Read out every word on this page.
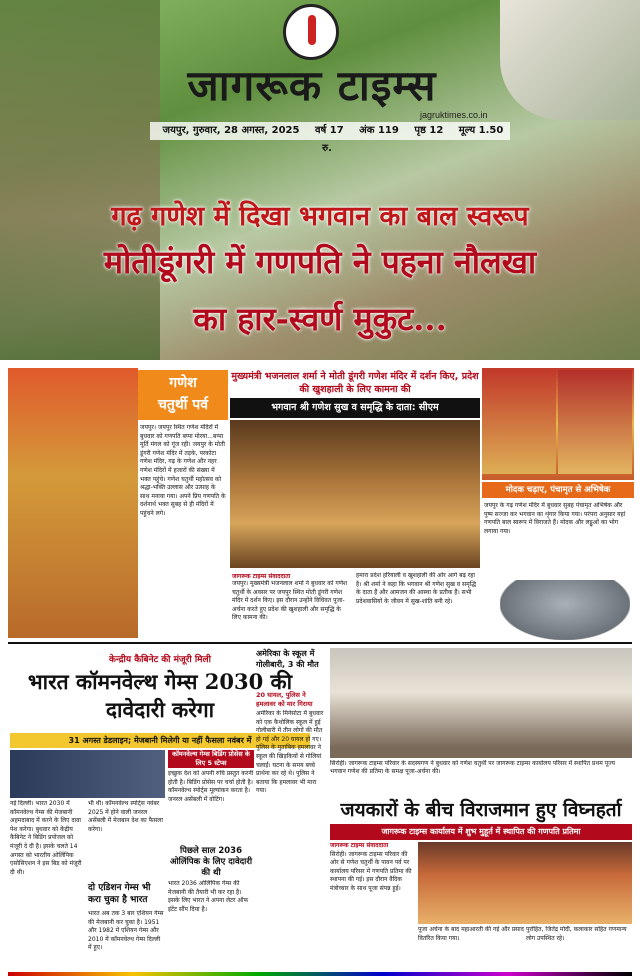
जागरूक टाइम्स
jagruktimes.co.in
जयपुर, गुरुवार, 28 अगस्त, 2025 वर्ष 17 अंक 119 पृष्ठ 12 मूल्य 1.50 रु.
गढ़ गणेश में दिखा भगवान का बाल स्वरूप
मोतीडूंगरी में गणपति ने पहना नौलखा
का हार-स्वर्ण मुकुट...
गणेश
चतुर्थी पर्व
जयपुर। जयपुर स्थित गणेश मंदिरों में बुधवार को गणपति बप्पा मोरया...बप्पा मूर्ति मंगल को गूंज रही। जयपुर के मोती डूंगरी गणेश मंदिर में तड़के, परकोटा गणेश मंदिर, गढ़ के गणेश और नहर गणेश मंदिरों में हजारों की संख्या में भक्त पहुंचे। गणेश चतुर्थी महोत्सव को श्रद्धा-भक्ति उल्लास और उत्साह के साथ मनाया गया। अपने प्रिय गणपति के दर्शनार्थ भक्त सुबह से ही मंदिरों में पहुंचने लगे।
मुख्यमंत्री भजनलाल शर्मा ने मोती डूंगरी गणेश मंदिर में दर्शन किए, प्रदेश की खुशहाली के लिए कामना की
भगवान श्री गणेश सुख व समृद्धि के दाता: सीएम
जागरूक टाइम्स संवाददाता
जयपुर। मुख्यमंत्री भजनलाल शर्मा ने बुधवार को गणेश चतुर्थी के अवसर पर जयपुर स्थित मोती डूंगरी गणेश मंदिर में दर्शन किए। इस दौरान उन्होंने विधिवत पूजा-अर्चना करते हुए प्रदेश की खुशहाली और समृद्धि के लिए कामना की।
हमारा प्रदेश हरियाली व खुशहाली की ओर आगे बढ़ रहा है। श्री शर्मा ने कहा कि भगवान श्री गणेश सुख व समृद्धि के दाता हैं और आमजन की आस्था के प्रतीक हैं। सभी प्रदेशवासियों के जीवन में सुख-शांति बनी रहे।
मोदक चढ़ाए, पंचामृत से अभिषेक
जयपुर के गढ़ गणेश मंदिर में बुधवार सुबह पंचामृत अभिषेक और पुष्प सज्जा कर भगवान का शृंगार किया गया। परंपरा अनुसार यहां गणपति बाल स्वरूप में विराजते हैं। मोदक और लड्डुओं का भोग लगाया गया।
केन्द्रीय कैबिनेट की मंजूरी मिली
भारत कॉमनवेल्थ गेम्स 2030 की दावेदारी करेगा
31 अगस्त डेडलाइन; मेजबानी मिलेगी या नहीं फैसला नवंबर में
कॉमनवेल्थ गेम्स बिडिंग प्रोसेस के लिए 5 स्टेप्स
इच्छुक देश को अपनी रुचि प्रस्तुत करनी होती है। बिडिंग प्रोसेस पर चर्चा होती है। कॉमनवेल्थ स्पोर्ट्स मूल्यांकन करता है। जनरल असेंबली में वोटिंग।
नई दिल्ली। भारत 2030 में कॉमनवेल्थ गेम्स की मेजबानी अहमदाबाद में करने के लिए दावा पेश करेगा। बुधवार को केंद्रीय कैबिनेट ने बिडिंग प्रपोजल को मंजूरी दे दी है। इसके चलते 14 अगस्त को भारतीय ओलिंपिक एसोसिएशन ने इस बिड को मंजूरी दी थी।
भी थी। कॉमनवेल्थ स्पोर्ट्स नवंबर 2025 में होने वाली जनरल असेंबली में मेजबान देश का फैसला करेगा।
दो एडिशन गेम्स भी करा चुका है भारत
भारत अब तक 3 बार एशियन गेम्स की मेजबानी कर चुका है। 1951 और 1982 में एशियन गेम्स और 2010 में कॉमनवेल्थ गेम्स दिल्ली में हुए।
पिछले साल 2036 ओलिंपिक के लिए दावेदारी की थी
भारत 2036 ओलिंपिक गेम्स की मेजबानी की तैयारी भी कर रहा है। इसके लिए भारत ने अपना लेटर ऑफ इंटेंट सौंप दिया है।
अमेरिका के स्कूल में गोलीबारी, 3 की मौत
20 घायल, पुलिस ने हमलावर को मार गिराया
अमेरिका के मिनेसोटा में बुधवार को एक कैथोलिक स्कूल में हुई गोलीबारी में तीन लोगों की मौत हो गई और 20 घायल हो गए। पुलिस के मुताबिक हमलावर ने स्कूल की खिड़कियों से गोलियां चलाईं। घटना के समय बच्चे प्रार्थना कर रहे थे। पुलिस ने बताया कि हमलावर भी मारा गया।
सिरोही। जागरूक टाइम्स परिवार के सदस्यगण ने बुधवार को गणेश चतुर्थी पर जागरूक टाइम्स कार्यालय परिसर में स्थापित प्रथम पूज्य भगवान गणेश की प्रतिमा के समक्ष पूजा-अर्चना की।
जयकारों के बीच विराजमान हुए विघ्नहर्ता
जागरूक टाइम्स कार्यालय में शुभ मुहूर्त में स्थापित की गणपति प्रतिमा
जागरूक टाइम्स संवाददाता
सिरोही। जागरूक टाइम्स परिवार की ओर से गणेश चतुर्थी के पावन पर्व पर कार्यालय परिसर में गणपति प्रतिमा की स्थापना की गई। इस दौरान वैदिक मंत्रोच्चार के साथ पूजा संपन्न हुई।
पूजा अर्चना के बाद महाआरती की गई और प्रसाद वितरित किया गया।
पुरोहित, जितेंद्र मोदी, कलाकार सहित गणमान्य लोग उपस्थित रहे।
